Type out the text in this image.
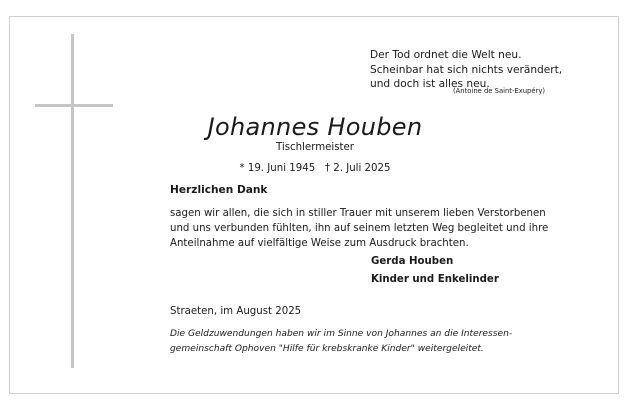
Der Tod ordnet die Welt neu.
Scheinbar hat sich nichts verändert,
und doch ist alles neu.
(Antoine de Saint-Exupéry)
Johannes Houben
Tischlermeister
* 19. Juni 1945   † 2. Juli 2025
Herzlichen Dank
sagen wir allen, die sich in stiller Trauer mit unserem lieben Verstorbenen
und uns verbunden fühlten, ihn auf seinem letzten Weg begleitet und ihre
Anteilnahme auf vielfältige Weise zum Ausdruck brachten.
Gerda Houben
Kinder und Enkelinder
Straeten, im August 2025
Die Geldzuwendungen haben wir im Sinne von Johannes an die Interessen-
gemeinschaft Ophoven "Hilfe für krebskranke Kinder" weitergeleitet.
